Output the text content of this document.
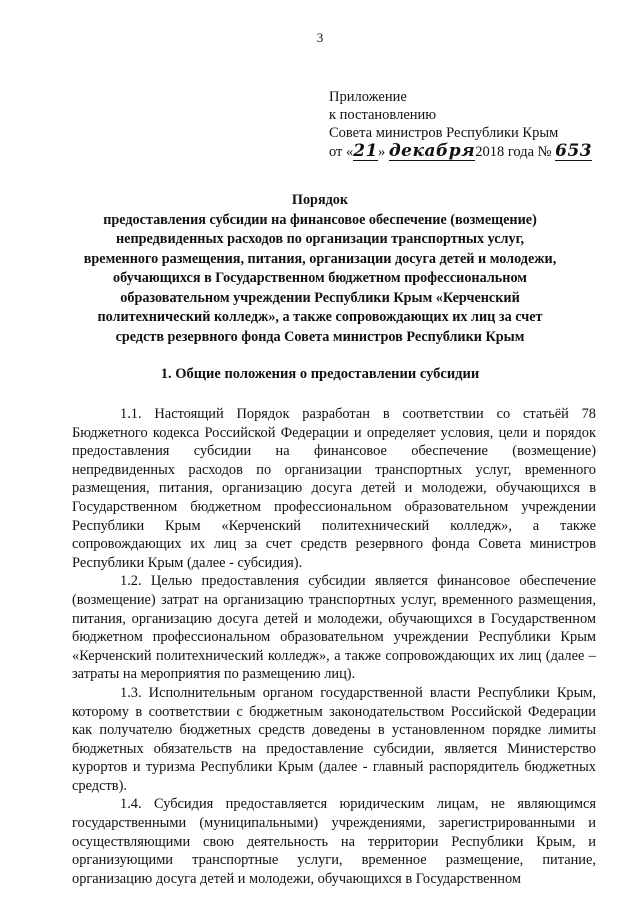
3
Приложение
к постановлению
Совета министров Республики Крым
от «21» декабря2018 года № 653
Порядок
предоставления субсидии на финансовое обеспечение (возмещение)
непредвиденных расходов по организации транспортных услуг,
временного размещения, питания, организации досуга детей и молодежи,
обучающихся в Государственном бюджетном профессиональном
образовательном учреждении Республики Крым «Керченский
политехнический колледж», а также сопровождающих их лиц за счет
средств резервного фонда Совета министров Республики Крым
1. Общие положения о предоставлении субсидии

1.1. Настоящий Порядок разработан в соответствии со статьёй 78 Бюджетного кодекса Российской Федерации и определяет условия, цели и порядок предоставления субсидии на финансовое обеспечение (возмещение) непредвиденных расходов по организации транспортных услуг, временного размещения, питания, организацию досуга детей и молодежи, обучающихся в Государственном бюджетном профессиональном образовательном учреждении Республики Крым «Керченский политехнический колледж», а также сопровождающих их лиц за счет средств резервного фонда Совета министров Республики Крым (далее - субсидия).

1.2. Целью предоставления субсидии является финансовое обеспечение (возмещение) затрат на организацию транспортных услуг, временного размещения, питания, организацию досуга детей и молодежи, обучающихся в Государственном бюджетном профессиональном образовательном учреждении Республики Крым «Керченский политехнический колледж», а также сопровождающих их лиц (далее – затраты на мероприятия по размещению лиц).

1.3. Исполнительным органом государственной власти Республики Крым, которому в соответствии с бюджетным законодательством Российской Федерации как получателю бюджетных средств доведены в установленном порядке лимиты бюджетных обязательств на предоставление субсидии, является Министерство курортов и туризма Республики Крым (далее - главный распорядитель бюджетных средств).

1.4. Субсидия предоставляется юридическим лицам, не являющимся государственными (муниципальными) учреждениями, зарегистрированными и осуществляющими свою деятельность на территории Республики Крым, и организующими транспортные услуги, временное размещение, питание, организацию досуга детей и молодежи, обучающихся в Государственном
